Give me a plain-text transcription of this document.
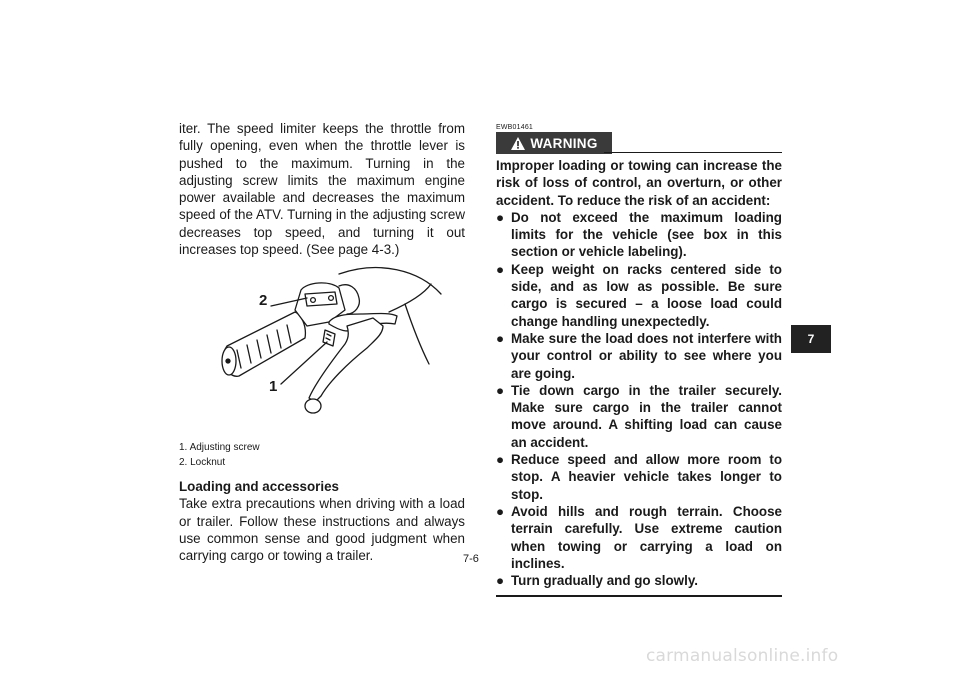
iter. The speed limiter keeps the throttle from fully opening, even when the throttle lever is pushed to the maximum. Turning in the adjusting screw limits the maximum engine power available and decreases the maximum speed of the ATV. Turning in the adjusting screw decreases top speed, and turning it out increases top speed. (See page 4-3.)

2
1

1. Adjusting screw

2. Locknut

Loading and accessories

Take extra precautions when driving with a load or trailer. Follow these instructions and always use common sense and good judgment when carrying cargo or towing a trailer.

EWB01461

WARNING

Improper loading or towing can increase the risk of loss of control, an overturn, or other accident. To reduce the risk of an accident:

● Do not exceed the maximum loading limits for the vehicle (see box in this section or vehicle labeling).
● Keep weight on racks centered side to side, and as low as possible. Be sure cargo is secured – a loose load could change handling unexpectedly.
● Make sure the load does not interfere with your control or ability to see where you are going.
● Tie down cargo in the trailer securely. Make sure cargo in the trailer cannot move around. A shifting load can cause an accident.
● Reduce speed and allow more room to stop. A heavier vehicle takes longer to stop.
● Avoid hills and rough terrain. Choose terrain carefully. Use extreme caution when towing or carrying a load on inclines.
● Turn gradually and go slowly.
7-6
7
carmanualsonline.info
